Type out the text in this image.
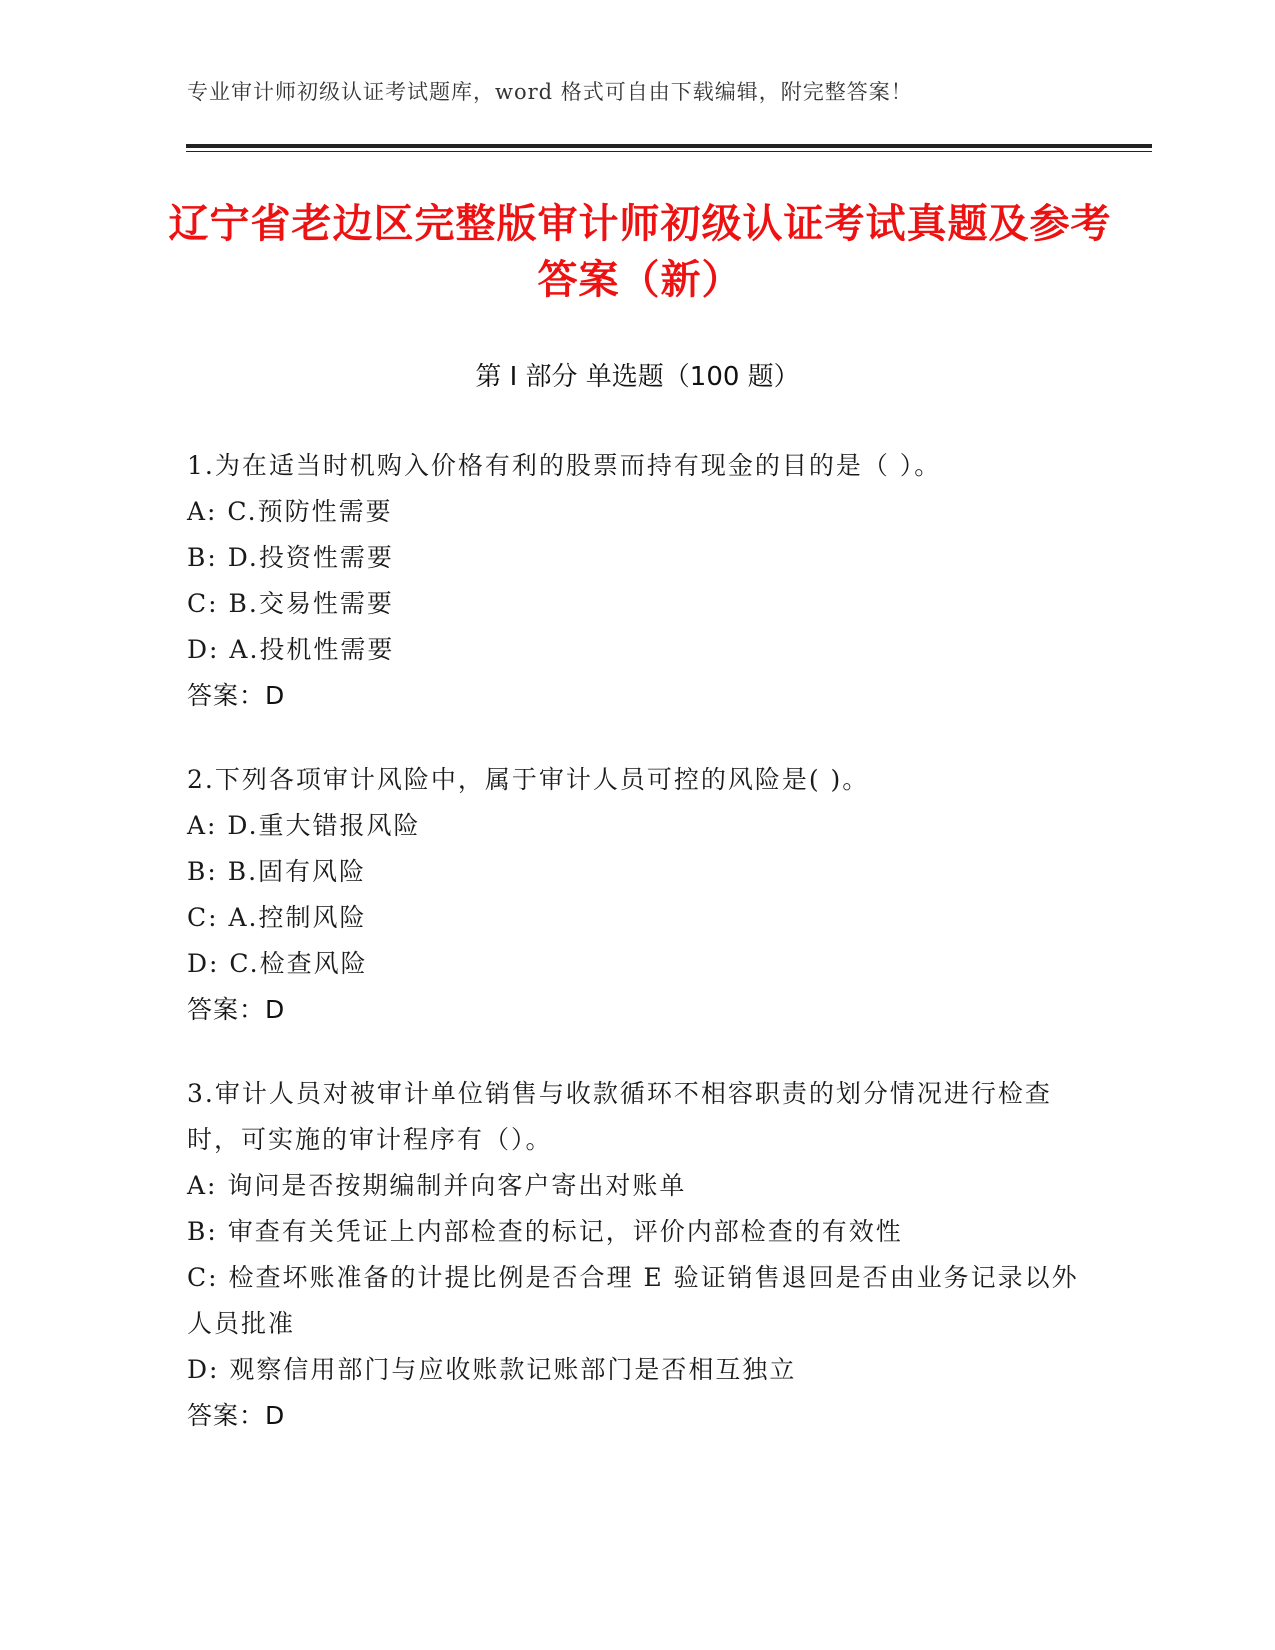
专业审计师初级认证考试题库，word 格式可自由下载编辑，附完整答案！
辽宁省老边区完整版审计师初级认证考试真题及参考答案（新）
第 I 部分 单选题（100 题）
1.为在适当时机购入价格有利的股票而持有现金的目的是（ ）。
A: C.预防性需要
B: D.投资性需要
C: B.交易性需要
D: A.投机性需要
答案：D
2.下列各项审计风险中，属于审计人员可控的风险是( )。
A: D.重大错报风险
B: B.固有风险
C: A.控制风险
D: C.检查风险
答案：D
3.审计人员对被审计单位销售与收款循环不相容职责的划分情况进行检查时，可实施的审计程序有（）。
A: 询问是否按期编制并向客户寄出对账单
B: 审查有关凭证上内部检查的标记，评价内部检查的有效性
C: 检查坏账准备的计提比例是否合理 E 验证销售退回是否由业务记录以外人员批准
D: 观察信用部门与应收账款记账部门是否相互独立
答案：D
